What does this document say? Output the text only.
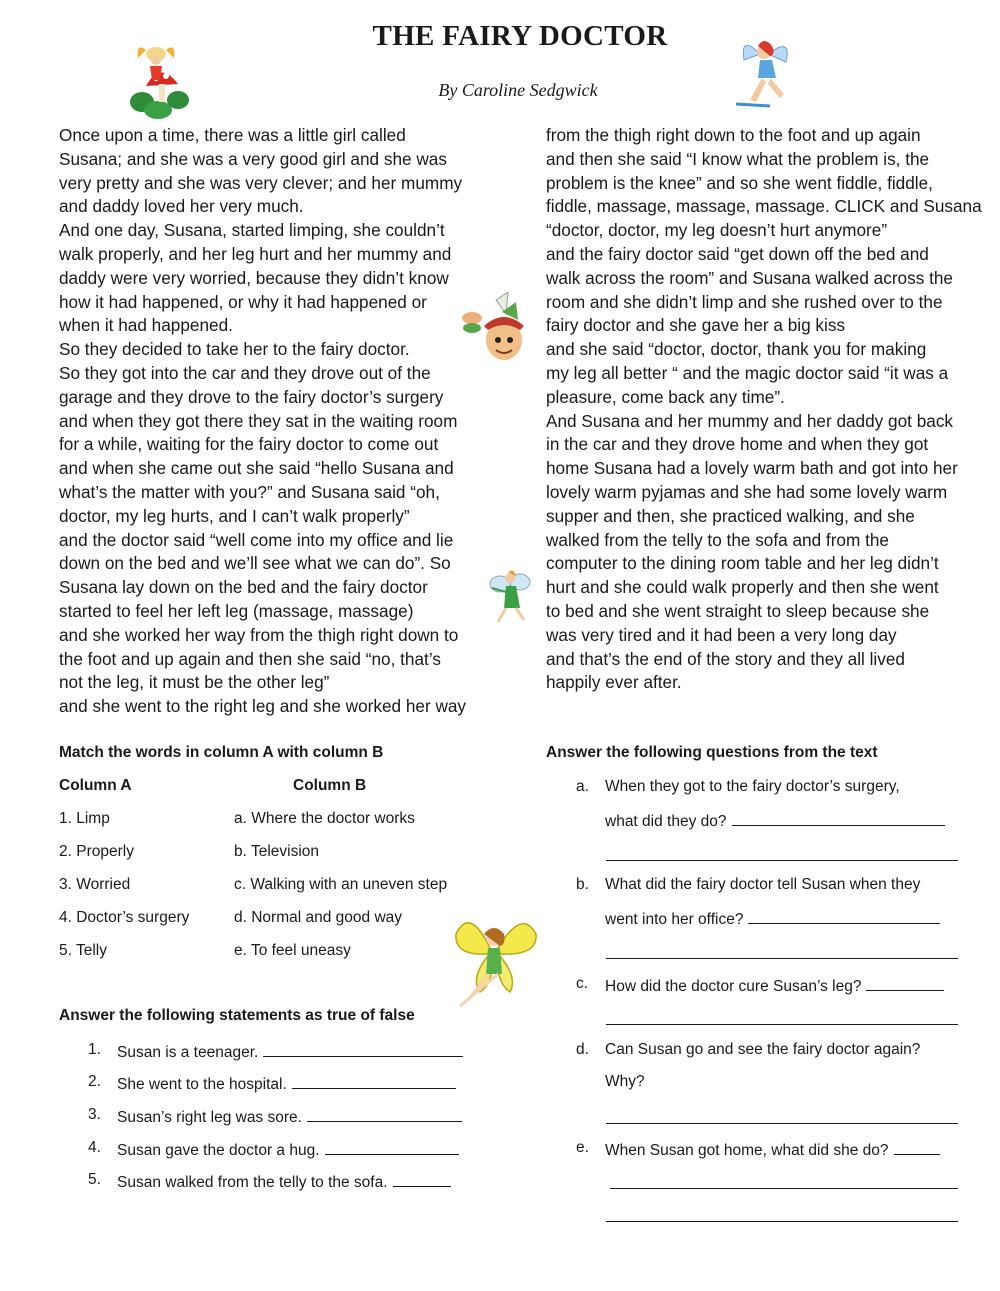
THE FAIRY DOCTOR
By Caroline Sedgwick
Once upon a time, there was a little girl called
Susana; and she was a very good girl and she was
very pretty and she was very clever; and her mummy
and daddy loved her very much.
And one day, Susana, started limping, she couldn’t
walk properly, and her leg hurt and her mummy and
daddy were very worried, because they didn’t know
how it had happened, or why it had happened or
when it had happened.
So they decided to take her to the fairy doctor.
So they got into the car and they drove out of the
garage and they drove to the fairy doctor’s surgery
and when they got there they sat in the waiting room
for a while, waiting for the fairy doctor to come out
and when she came out she said “hello Susana and
what’s the matter with you?” and Susana said “oh,
doctor, my leg hurts, and I can’t walk properly”
and the doctor said “well come into my office and lie
down on the bed and we’ll see what we can do”. So
Susana lay down on the bed and the fairy doctor
started to feel her left leg (massage, massage)
and she worked her way from the thigh right down to
the foot and up again and then she said “no, that’s
not the leg, it must be the other leg”
and she went to the right leg and she worked her way
from the thigh right down to the foot and up again
and then she said “I know what the problem is, the
problem is the knee” and so she went fiddle, fiddle,
fiddle, massage, massage, massage. CLICK and Susana
“doctor, doctor, my leg doesn’t hurt anymore”
and the fairy doctor said “get down off the bed and
walk across the room” and Susana walked across the
room and she didn’t limp and she rushed over to the
fairy doctor and she gave her a big kiss
and she said “doctor, doctor, thank you for making
my leg all better “ and the magic doctor said “it was a
pleasure, come back any time”.
And Susana and her mummy and her daddy got back
in the car and they drove home and when they got
home Susana had a lovely warm bath and got into her
lovely warm pyjamas and she had some lovely warm
supper and then, she practiced walking, and she
walked from the telly to the sofa and from the
computer to the dining room table and her leg didn’t
hurt and she could walk properly and then she went
to bed and she went straight to sleep because she
was very tired and it had been a very long day
and that’s the end of the story and they all lived
happily ever after.
Match the words in column A with column B
Column A	Column B
1. Limp
2. Properly
3. Worried
4. Doctor’s surgery
5. Telly
a. Where the doctor works
b. Television
c. Walking with an uneven step
d. Normal and good way
e. To feel uneasy
Answer the following statements as true of false
1. Susan is a teenager.
2. She went to the hospital.
3. Susan’s right leg was sore.
4. Susan gave the doctor a hug.
5. Susan walked from the telly to the sofa.
Answer the following questions from the text
a. When they got to the fairy doctor’s surgery,
what did they do?
b. What did the fairy doctor tell Susan when they
went into her office?
c. How did the doctor cure Susan’s leg?
d. Can Susan go and see the fairy doctor again?
Why?
e. When Susan got home, what did she do?
